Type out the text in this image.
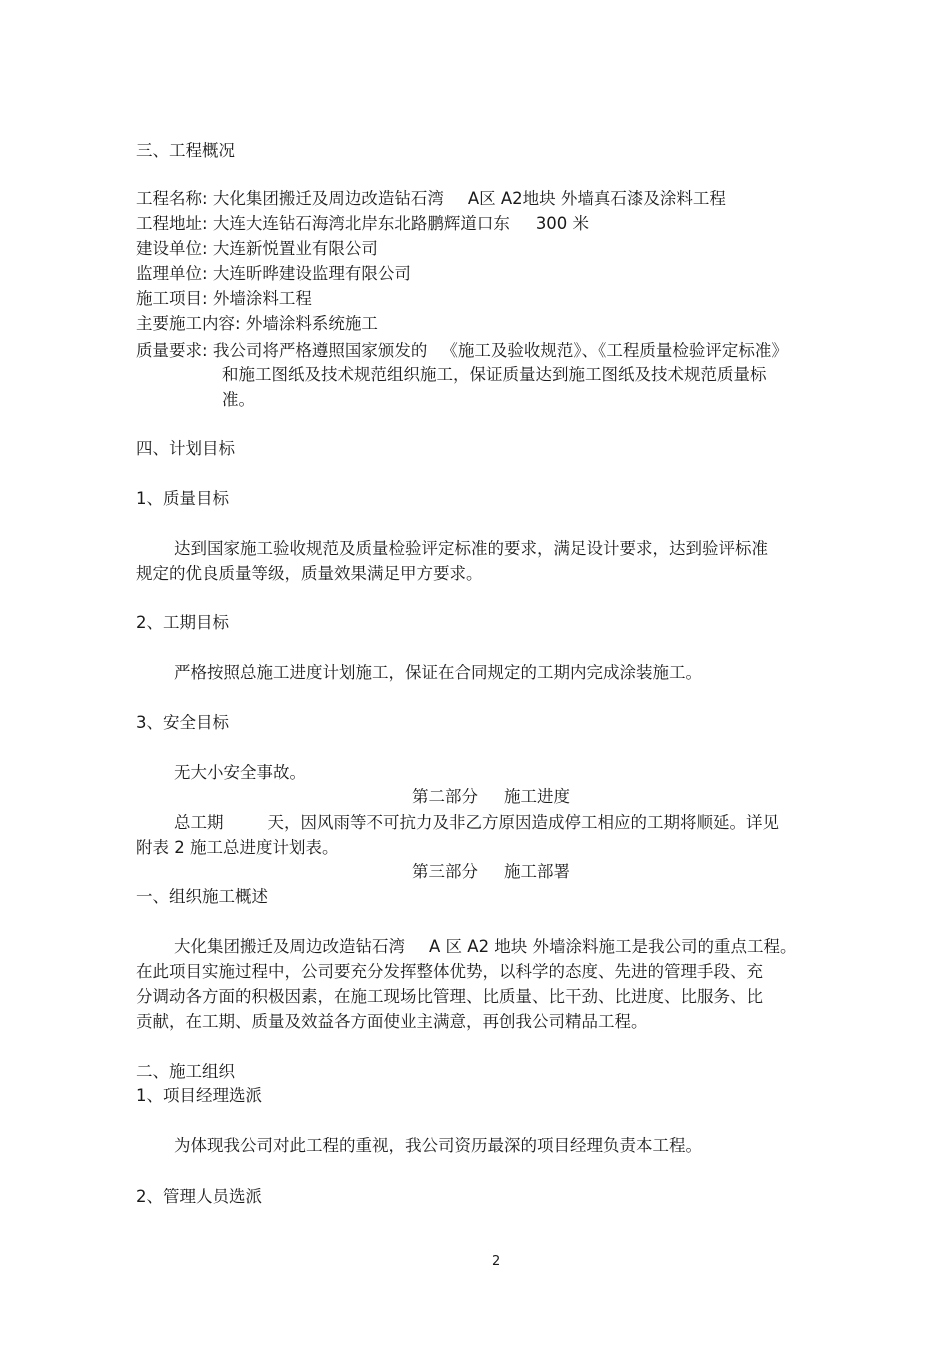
三、工程概况

工程名称: 大化集团搬迁及周边改造钻石湾 A区 A2地块 外墙真石漆及涂料工程

工程地址: 大连大连钻石海湾北岸东北路鹏辉道口东 300 米

建设单位: 大连新悦置业有限公司

监理单位: 大连昕晔建设监理有限公司

施工项目: 外墙涂料工程

主要施工内容: 外墙涂料系统施工

质量要求: 我公司将严格遵照国家颁发的 《施工及验收规范》、《工程质量检验评定标准》

和施工图纸及技术规范组织施工，保证质量达到施工图纸及技术规范质量标

准。

四、计划目标

1、质量目标

达到国家施工验收规范及质量检验评定标准的要求，满足设计要求，达到验评标准

规定的优良质量等级，质量效果满足甲方要求。

2、工期目标

严格按照总施工进度计划施工，保证在合同规定的工期内完成涂装施工。

3、安全目标

无大小安全事故。

第二部分 施工进度

总工期	天，因风雨等不可抗力及非乙方原因造成停工相应的工期将顺延。详见

附表 2 施工总进度计划表。

第三部分 施工部署

一、组织施工概述

大化集团搬迁及周边改造钻石湾 A 区 A2 地块 外墙涂料施工是我公司的重点工程。

在此项目实施过程中，公司要充分发挥整体优势，以科学的态度、先进的管理手段、充

分调动各方面的积极因素，在施工现场比管理、比质量、比干劲、比进度、比服务、比

贡献，在工期、质量及效益各方面使业主满意，再创我公司精品工程。

二、施工组织

1、项目经理选派

为体现我公司对此工程的重视，我公司资历最深的项目经理负责本工程。

2、管理人员选派

2
